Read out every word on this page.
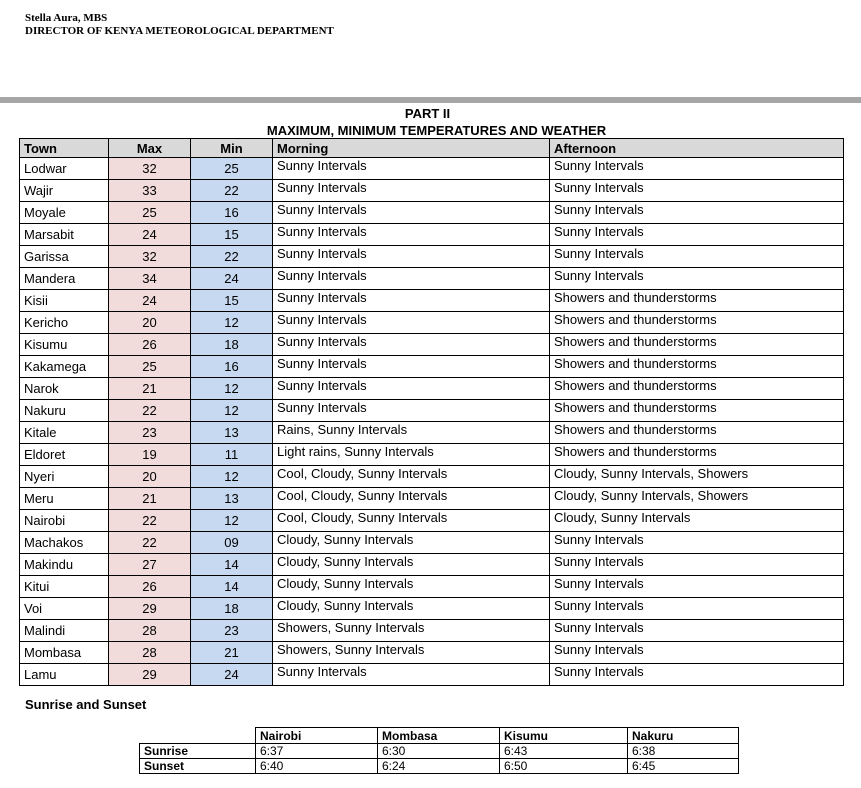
Stella Aura, MBS
DIRECTOR OF KENYA METEOROLOGICAL DEPARTMENT
PART II
MAXIMUM, MINIMUM TEMPERATURES AND WEATHER
Town	Max	Min	Morning	Afternoon
Lodwar	32	25	Sunny Intervals	Sunny Intervals
Wajir	33	22	Sunny Intervals	Sunny Intervals
Moyale	25	16	Sunny Intervals	Sunny Intervals
Marsabit	24	15	Sunny Intervals	Sunny Intervals
Garissa	32	22	Sunny Intervals	Sunny Intervals
Mandera	34	24	Sunny Intervals	Sunny Intervals
Kisii	24	15	Sunny Intervals	Showers and thunderstorms
Kericho	20	12	Sunny Intervals	Showers and thunderstorms
Kisumu	26	18	Sunny Intervals	Showers and thunderstorms
Kakamega	25	16	Sunny Intervals	Showers and thunderstorms
Narok	21	12	Sunny Intervals	Showers and thunderstorms
Nakuru	22	12	Sunny Intervals	Showers and thunderstorms
Kitale	23	13	Rains, Sunny Intervals	Showers and thunderstorms
Eldoret	19	11	Light rains, Sunny Intervals	Showers and thunderstorms
Nyeri	20	12	Cool, Cloudy, Sunny Intervals	Cloudy, Sunny Intervals, Showers
Meru	21	13	Cool, Cloudy, Sunny Intervals	Cloudy, Sunny Intervals, Showers
Nairobi	22	12	Cool, Cloudy, Sunny Intervals	Cloudy, Sunny Intervals
Machakos	22	09	Cloudy, Sunny Intervals	Sunny Intervals
Makindu	27	14	Cloudy, Sunny Intervals	Sunny Intervals
Kitui	26	14	Cloudy, Sunny Intervals	Sunny Intervals
Voi	29	18	Cloudy, Sunny Intervals	Sunny Intervals
Malindi	28	23	Showers, Sunny Intervals	Sunny Intervals
Mombasa	28	21	Showers, Sunny Intervals	Sunny Intervals
Lamu	29	24	Sunny Intervals	Sunny Intervals
Sunrise and Sunset
	Nairobi	Mombasa	Kisumu	Nakuru
Sunrise	6:37	6:30	6:43	6:38
Sunset	6:40	6:24	6:50	6:45
